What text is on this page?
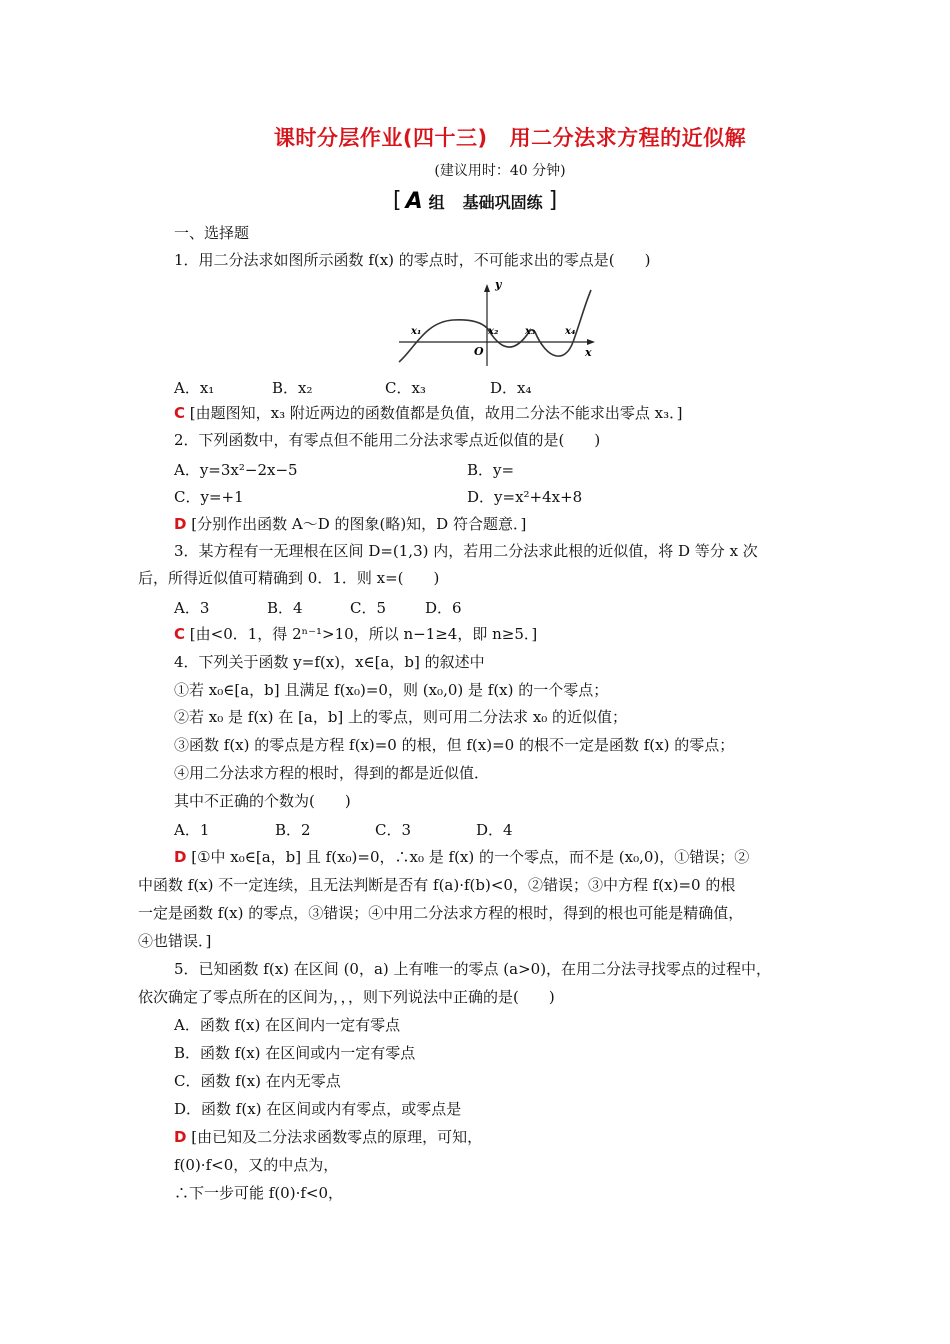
课时分层作业(四十三) 用二分法求方程的近似解
(建议用时：40 分钟)
[ A 组 基础巩固练 ]
一、选择题
1．用二分法求如图所示函数 f(x) 的零点时，不可能求出的零点是(　　)
y
x
O
x₁	x₂	x₃	x₄
A．x₁	B．x₂	C．x₃	D．x₄
C [由题图知，x₃ 附近两边的函数值都是负值，故用二分法不能求出零点 x₃．]
2．下列函数中，有零点但不能用二分法求零点近似值的是(　　)
A．y=3x²−2x−5	B．y=
C．y=+1	D．y=x²+4x+8
D [分别作出函数 A～D 的图象(略)知，D 符合题意．]
3．某方程有一无理根在区间 D=(1,3) 内，若用二分法求此根的近似值，将 D 等分 x 次
后，所得近似值可精确到 0．1．则 x=(　　)
A．3	B．4	C．5	D．6
C [由<0．1，得 2ⁿ⁻¹>10，所以 n−1≥4，即 n≥5．]
4．下列关于函数 y=f(x)，x∈[a，b] 的叙述中
①若 x₀∈[a，b] 且满足 f(x₀)=0，则 (x₀,0) 是 f(x) 的一个零点；
②若 x₀ 是 f(x) 在 [a，b] 上的零点，则可用二分法求 x₀ 的近似值；
③函数 f(x) 的零点是方程 f(x)=0 的根，但 f(x)=0 的根不一定是函数 f(x) 的零点；
④用二分法求方程的根时，得到的都是近似值．
其中不正确的个数为(　　)
A．1	B．2	C．3	D．4
D [①中 x₀∈[a，b] 且 f(x₀)=0，∴x₀ 是 f(x) 的一个零点，而不是 (x₀,0)，①错误；②
中函数 f(x) 不一定连续，且无法判断是否有 f(a)·f(b)<0，②错误；③中方程 f(x)=0 的根
一定是函数 f(x) 的零点，③错误；④中用二分法求方程的根时，得到的根也可能是精确值，
④也错误．]
5．已知函数 f(x) 在区间 (0，a) 上有唯一的零点 (a>0)，在用二分法寻找零点的过程中，
依次确定了零点所在的区间为，，，则下列说法中正确的是(　　)
A．函数 f(x) 在区间内一定有零点
B．函数 f(x) 在区间或内一定有零点
C．函数 f(x) 在内无零点
D．函数 f(x) 在区间或内有零点，或零点是
D [由已知及二分法求函数零点的原理，可知，
f(0)·f<0，又的中点为，
∴下一步可能 f(0)·f<0，
